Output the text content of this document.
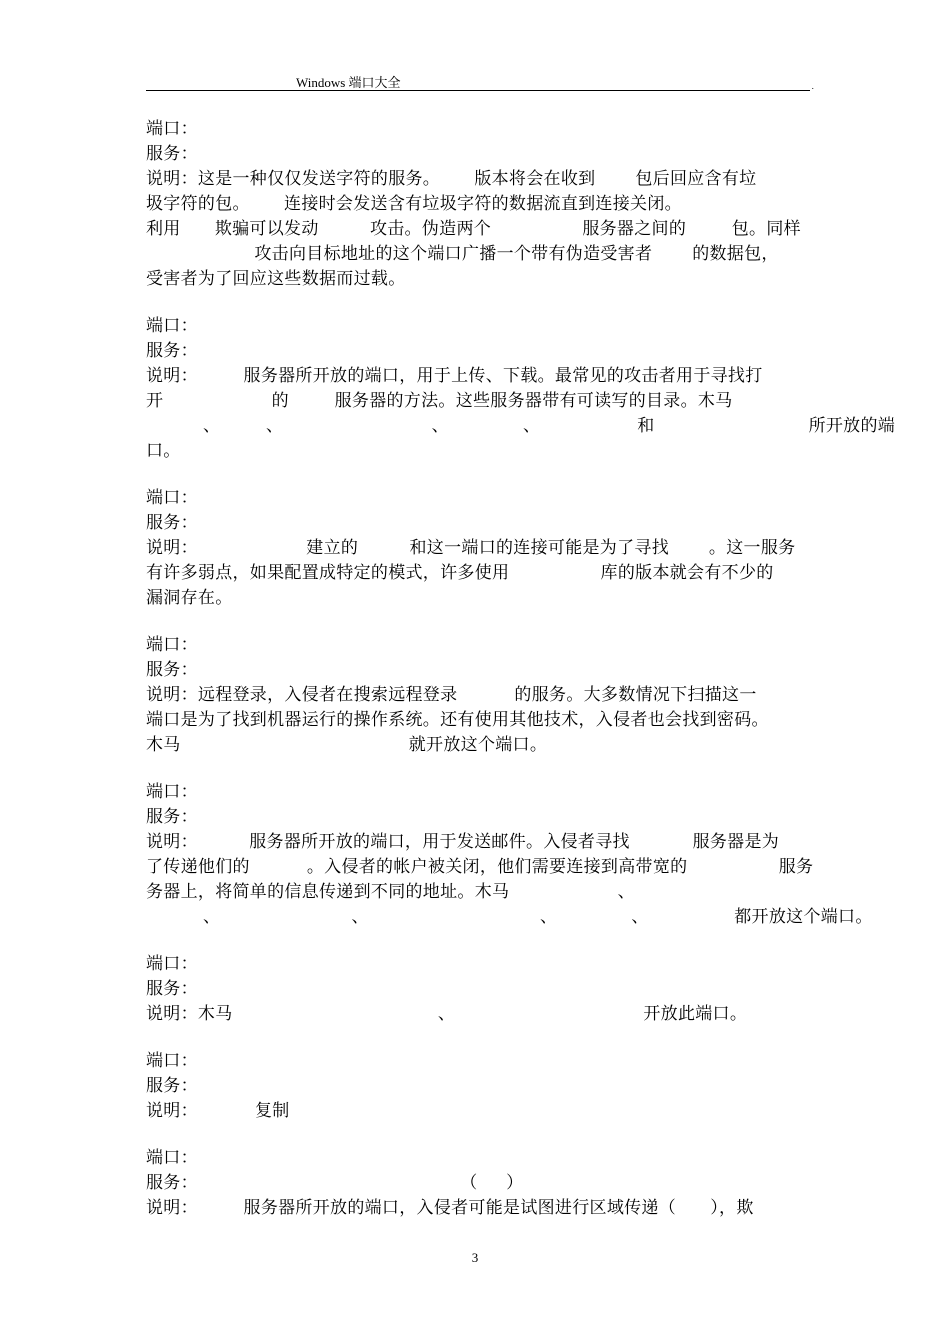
Windows 端口大全	.
端口：
服务：
说明：这是一种仅仅发送字符的服务。      版本将会在收到       包后回应含有垃
圾字符的包。      连接时会发送含有垃圾字符的数据流直到连接关闭。
利用      欺骗可以发动         攻击。伪造两个                服务器之间的        包。同样
攻击向目标地址的这个端口广播一个带有伪造受害者       的数据包，
受害者为了回应这些数据而过载。
端口：
服务：
说明：        服务器所开放的端口，用于上传、下载。最常见的攻击者用于寻找打
开                   的        服务器的方法。这些服务器带有可读写的目录。木马
、        、                          、             、                 和                           所开放的端
口。
端口：
服务：
说明：                   建立的         和这一端口的连接可能是为了寻找       。这一服务
有许多弱点，如果配置成特定的模式，许多使用                库的版本就会有不少的
漏洞存在。
端口：
服务：
说明：远程登录，入侵者在搜索远程登录          的服务。大多数情况下扫描这一
端口是为了找到机器运行的操作系统。还有使用其他技术，入侵者也会找到密码。
木马                                        就开放这个端口。
端口：
服务：
说明：         服务器所开放的端口，用于发送邮件。入侵者寻找           服务器是为
了传递他们的          。入侵者的帐户被关闭，他们需要连接到高带宽的                服务
务器上，将简单的信息传递到不同的地址。木马                   、
、                       、                              、             、               都开放这个端口。
端口：
服务：
说明：木马                                    、                                 开放此端口。
端口：
服务：
说明：          复制
端口：
服务：                                              （     ）
说明：        服务器所开放的端口，入侵者可能是试图进行区域传递（      ），欺
3
